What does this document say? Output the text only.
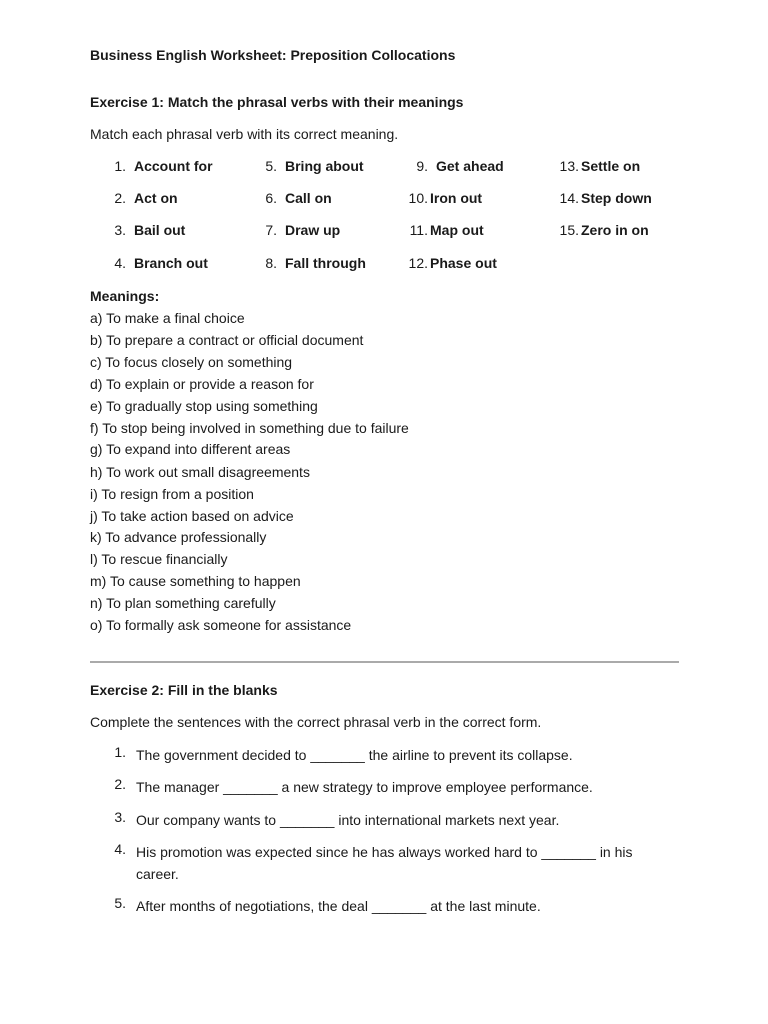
Business English Worksheet: Preposition Collocations
Exercise 1: Match the phrasal verbs with their meanings
Match each phrasal verb with its correct meaning.
1. Account for
2. Act on
3. Bail out
4. Branch out
5. Bring about
6. Call on
7. Draw up
8. Fall through
9. Get ahead
10. Iron out
11. Map out
12. Phase out
13. Settle on
14. Step down
15. Zero in on
Meanings:
a) To make a final choice
b) To prepare a contract or official document
c) To focus closely on something
d) To explain or provide a reason for
e) To gradually stop using something
f) To stop being involved in something due to failure
g) To expand into different areas
h) To work out small disagreements
i) To resign from a position
j) To take action based on advice
k) To advance professionally
l) To rescue financially
m) To cause something to happen
n) To plan something carefully
o) To formally ask someone for assistance
Exercise 2: Fill in the blanks
Complete the sentences with the correct phrasal verb in the correct form.
1. The government decided to _______ the airline to prevent its collapse.
2. The manager _______ a new strategy to improve employee performance.
3. Our company wants to _______ into international markets next year.
4. His promotion was expected since he has always worked hard to _______ in his career.
5. After months of negotiations, the deal _______ at the last minute.
